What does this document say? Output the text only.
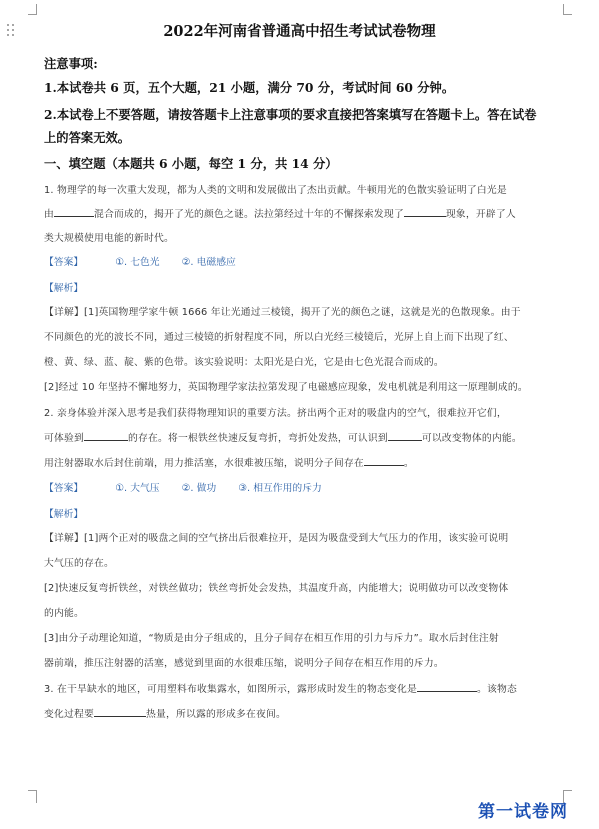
2022年河南省普通高中招生考试试卷物理
注意事项:
1.本试卷共 6 页，五个大题，21 小题，满分 70 分，考试时间 60 分钟。
2.本试卷上不要答题，请按答题卡上注意事项的要求直接把答案填写在答题卡上。答在试卷
上的答案无效。
一、填空题（本题共 6 小题，每空 1 分，共 14 分）
1. 物理学的每一次重大发现，都为人类的文明和发展做出了杰出贡献。牛顿用光的色散实验证明了白光是
由	混合而成的，揭开了光的颜色之谜。法拉第经过十年的不懈探索发现了	现象，开辟了人
类大规模使用电能的新时代。
【答案】	①. 七色光 ②. 电磁感应
【解析】
【详解】[1]英国物理学家牛顿 1666 年让光通过三棱镜，揭开了光的颜色之谜，这就是光的色散现象。由于
不同颜色的光的波长不同，通过三棱镜的折射程度不同，所以白光经三棱镜后，光屏上自上而下出现了红、
橙、黄、绿、蓝、靛、紫的色带。该实验说明：太阳光是白光，它是由七色光混合而成的。
[2]经过 10 年坚持不懈地努力，英国物理学家法拉第发现了电磁感应现象，发电机就是利用这一原理制成的。
2. 亲身体验并深入思考是我们获得物理知识的重要方法。挤出两个正对的吸盘内的空气，很难拉开它们，
可体验到	的存在。将一根铁丝快速反复弯折，弯折处发热，可认识到	可以改变物体的内能。
用注射器取水后封住前端，用力推活塞，水很难被压缩，说明分子间存在	。
【答案】	①. 大气压 ②. 做功 ③. 相互作用的斥力
【解析】
【详解】[1]两个正对的吸盘之间的空气挤出后很难拉开，是因为吸盘受到大气压力的作用，该实验可说明
大气压的存在。
[2]快速反复弯折铁丝，对铁丝做功；铁丝弯折处会发热，其温度升高，内能增大；说明做功可以改变物体
的内能。
[3]由分子动理论知道，“物质是由分子组成的，且分子间存在相互作用的引力与斥力”。取水后封住注射
器前端，推压注射器的活塞，感觉到里面的水很难压缩，说明分子间存在相互作用的斥力。
3. 在干旱缺水的地区，可用塑料布收集露水，如图所示，露形成时发生的物态变化是	。该物态
变化过程要	热量，所以露的形成多在夜间。
第一试卷网
